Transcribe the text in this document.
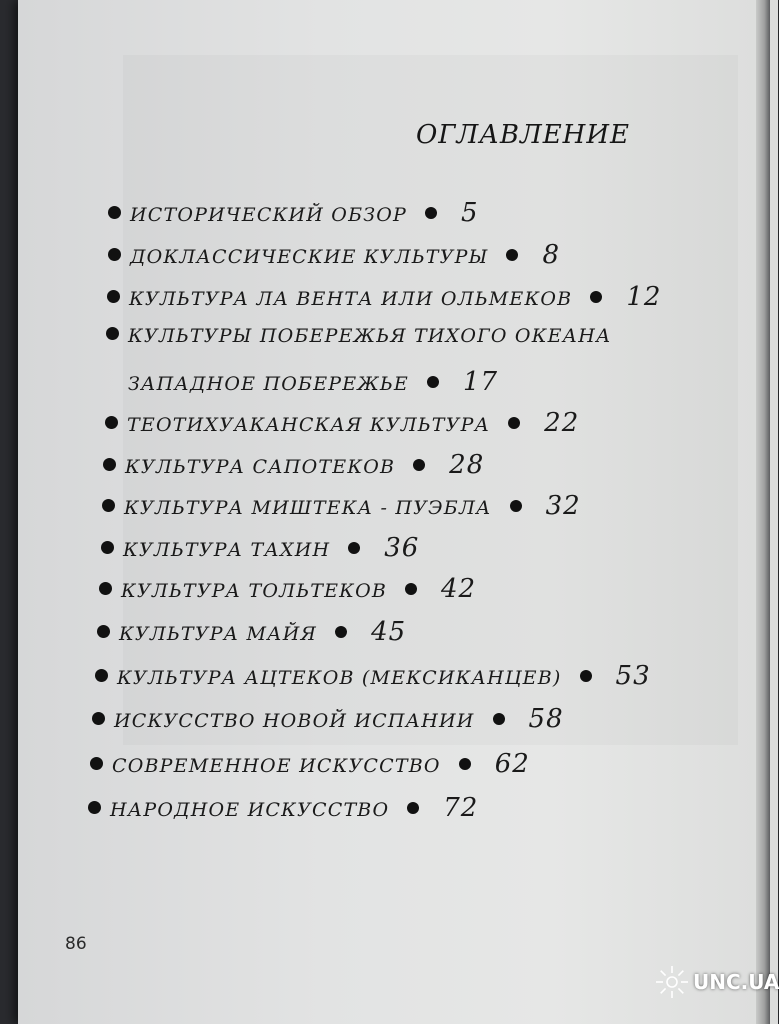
ОГЛАВЛЕНИЕ
ИСТОРИЧЕСКИЙ ОБЗОР 5
ДОКЛАССИЧЕСКИЕ КУЛЬТУРЫ 8
КУЛЬТУРА ЛА ВЕНТА ИЛИ ОЛЬМЕКОВ 12
КУЛЬТУРЫ ПОБЕРЕЖЬЯ ТИХОГО ОКЕАНА
ЗАПАДНОЕ ПОБЕРЕЖЬЕ 17
ТЕОТИХУАКАНСКАЯ КУЛЬТУРА 22
КУЛЬТУРА САПОТЕКОВ 28
КУЛЬТУРА МИШТЕКА - ПУЭБЛА 32
КУЛЬТУРА ТАХИН 36
КУЛЬТУРА ТОЛЬТЕКОВ 42
КУЛЬТУРА МАЙЯ 45
КУЛЬТУРА АЦТЕКОВ (МЕКСИКАНЦЕВ) 53
ИСКУССТВО НОВОЙ ИСПАНИИ 58
СОВРЕМЕННОЕ ИСКУССТВО 62
НАРОДНОЕ ИСКУССТВО 72
86
UNC.UA
